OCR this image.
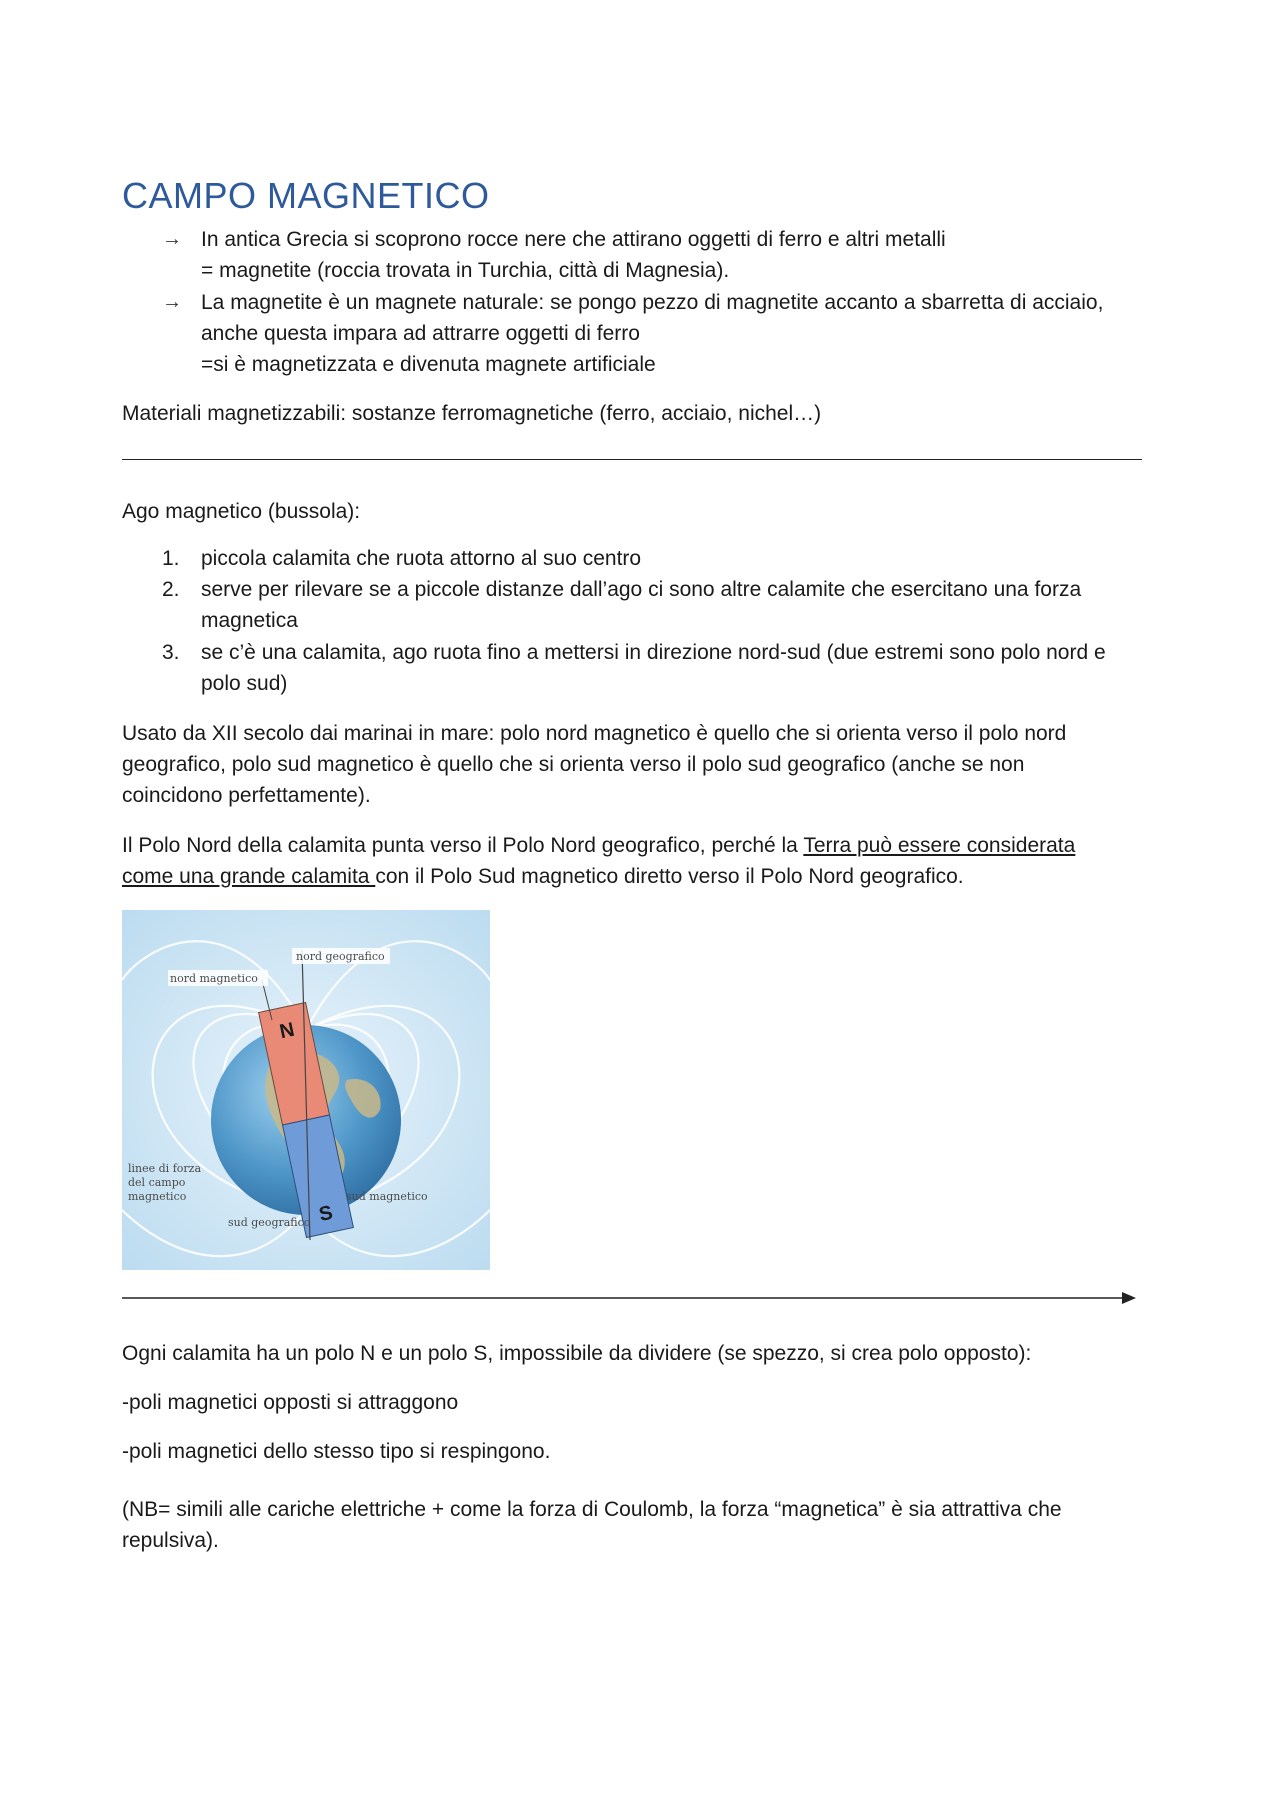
CAMPO MAGNETICO
→ In antica Grecia si scoprono rocce nere che attirano oggetti di ferro e altri metalli
= magnetite (roccia trovata in Turchia, città di Magnesia).
→ La magnetite è un magnete naturale: se pongo pezzo di magnetite accanto a sbarretta di acciaio,
anche questa impara ad attrarre oggetti di ferro
=si è magnetizzata e divenuta magnete artificiale
Materiali magnetizzabili: sostanze ferromagnetiche (ferro, acciaio, nichel…)
Ago magnetico (bussola):
1. piccola calamita che ruota attorno al suo centro
2. serve per rilevare se a piccole distanze dall’ago ci sono altre calamite che esercitano una forza
magnetica
3. se c’è una calamita, ago ruota fino a mettersi in direzione nord-sud (due estremi sono polo nord e
polo sud)
Usato da XII secolo dai marinai in mare: polo nord magnetico è quello che si orienta verso il polo nord
geografico, polo sud magnetico è quello che si orienta verso il polo sud geografico (anche se non
coincidono perfettamente).
Il Polo Nord della calamita punta verso il Polo Nord geografico, perché la Terra può essere considerata
come una grande calamita con il Polo Sud magnetico diretto verso il Polo Nord geografico.
N
S
nord geografico
nord magnetico
linee di forza
del campo
magnetico	sud magnetico
sud geografico
Ogni calamita ha un polo N e un polo S, impossibile da dividere (se spezzo, si crea polo opposto):
-poli magnetici opposti si attraggono
-poli magnetici dello stesso tipo si respingono.
(NB= simili alle cariche elettriche + come la forza di Coulomb, la forza “magnetica” è sia attrattiva che
repulsiva).
